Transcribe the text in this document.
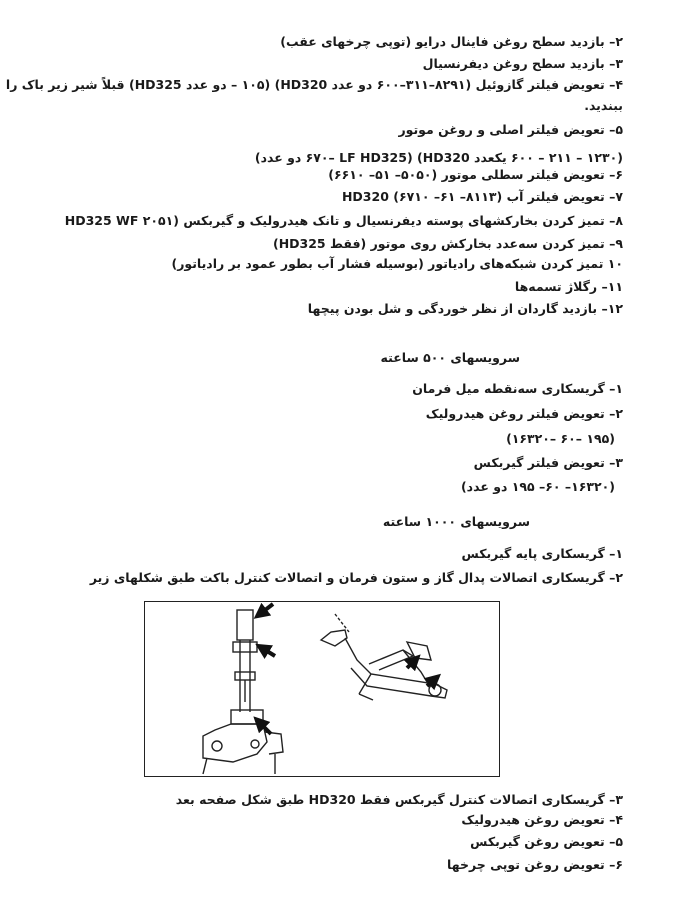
۲– بازدید سطح روغن فاینال درایو (توپی چرخهای عقب)
۳– بازدید سطح روغن دیفرنسیال
۴– تعویض فیلتر گازوئیل (۸۲۹۱–۳۱۱–۶۰۰ دو عدد HD320) (۱۰۵ – دو عدد HD325) قبلاً شیر زیر باک را
ببندید.
۵– تعویض فیلتر اصلی و روغن موتور
(۱۲۳۰ – ۲۱۱ – ۶۰۰ یکعدد HD320) (۶۷۰– LF HD325 دو عدد)
۶– تعویض فیلتر سطلی موتور (۵۰۵۰– ۵۱– ۶۶۱۰)
۷– تعویض فیلتر آب (۸۱۱۳– ۶۱– ۶۷۱۰) HD320
۸– تمیز کردن بخارکشهای پوسته دیفرنسیال و تانک هیدرولیک و گیربکس (۲۰۵۱ HD325 WF
۹– تمیز کردن سه‌عدد بخارکش روی موتور (فقط HD325)
۱۰ تمیز کردن شبکه‌های رادیاتور (بوسیله فشار آب بطور عمود بر رادیاتور)
۱۱– رگلاژ تسمه‌ها
۱۲– بازدید گاردان از نظر خوردگی و شل بودن پیچها
سرویسهای ۵۰۰ ساعته
۱– گریسکاری سه‌نقطه میل فرمان
۲– تعویض فیلتر روغن هیدرولیک
(۱۶۳۲۰– ۶۰– ۱۹۵)
۳– تعویض فیلتر گیربکس
(۱۶۳۲۰– ۶۰– ۱۹۵ دو عدد)
سرویسهای ۱۰۰۰ ساعته
۱– گریسکاری پایه گیربکس
۲– گریسکاری اتصالات پدال گاز و ستون فرمان و اتصالات کنترل باکت طبق شکلهای زیر
۳– گریسکاری اتصالات کنترل گیربکس فقط HD320 طبق شکل صفحه بعد
۴– تعویض روغن هیدرولیک
۵– تعویض روغن گیربکس
۶– تعویض روغن توپی چرخها
